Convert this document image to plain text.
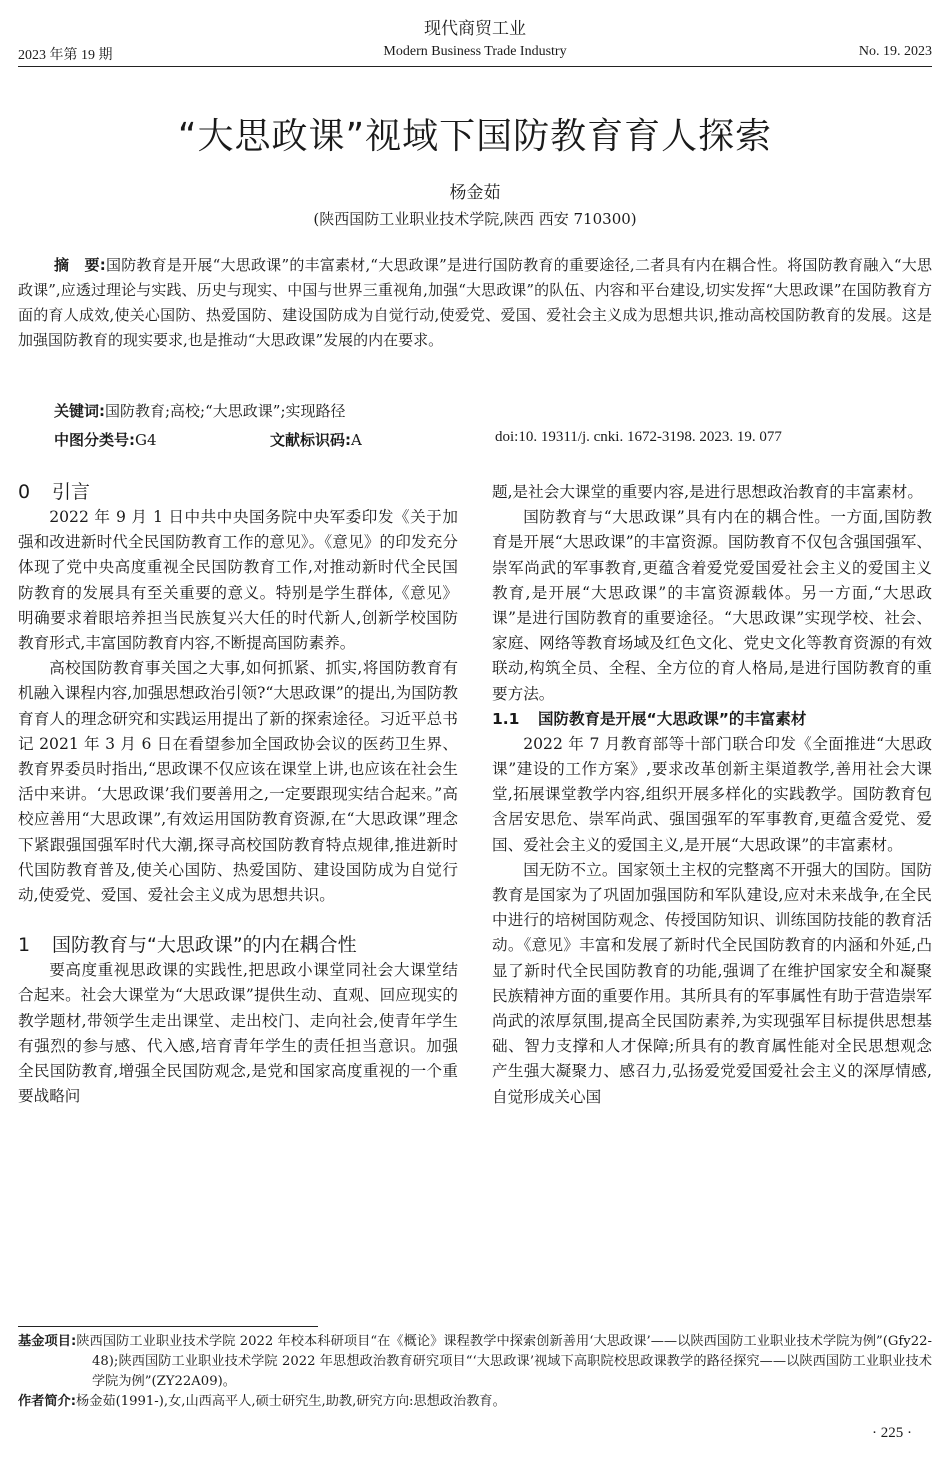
现代商贸工业
2023 年第 19 期	Modern Business Trade Industry	No. 19. 2023
“大思政课”视域下国防教育育人探索
杨金茹
(陕西国防工业职业技术学院,陕西 西安 710300)
摘　要:国防教育是开展“大思政课”的丰富素材,“大思政课”是进行国防教育的重要途径,二者具有内在耦合性。将国防教育融入“大思政课”,应透过理论与实践、历史与现实、中国与世界三重视角,加强“大思政课”的队伍、内容和平台建设,切实发挥“大思政课”在国防教育方面的育人成效,使关心国防、热爱国防、建设国防成为自觉行动,使爱党、爱国、爱社会主义成为思想共识,推动高校国防教育的发展。这是加强国防教育的现实要求,也是推动“大思政课”发展的内在要求。
关键词:国防教育;高校;“大思政课”;实现路径
中图分类号:G4	文献标识码:A	doi:10. 19311/j. cnki. 1672-3198. 2023. 19. 077
0 引言

2022 年 9 月 1 日中共中央国务院中央军委印发《关于加强和改进新时代全民国防教育工作的意见》。《意见》的印发充分体现了党中央高度重视全民国防教育工作,对推动新时代全民国防教育的发展具有至关重要的意义。特别是学生群体,《意见》明确要求着眼培养担当民族复兴大任的时代新人,创新学校国防教育形式,丰富国防教育内容,不断提高国防素养。

高校国防教育事关国之大事,如何抓紧、抓实,将国防教育有机融入课程内容,加强思想政治引领?“大思政课”的提出,为国防教育育人的理念研究和实践运用提出了新的探索途径。习近平总书记 2021 年 3 月 6 日在看望参加全国政协会议的医药卫生界、教育界委员时指出,“思政课不仅应该在课堂上讲,也应该在社会生活中来讲。‘大思政课’我们要善用之,一定要跟现实结合起来。”高校应善用“大思政课”,有效运用国防教育资源,在“大思政课”理念下紧跟强国强军时代大潮,探寻高校国防教育特点规律,推进新时代国防教育普及,使关心国防、热爱国防、建设国防成为自觉行动,使爱党、爱国、爱社会主义成为思想共识。

1 国防教育与“大思政课”的内在耦合性

要高度重视思政课的实践性,把思政小课堂同社会大课堂结合起来。社会大课堂为“大思政课”提供生动、直观、回应现实的教学题材,带领学生走出课堂、走出校门、走向社会,使青年学生有强烈的参与感、代入感,培育青年学生的责任担当意识。加强全民国防教育,增强全民国防观念,是党和国家高度重视的一个重要战略问

题,是社会大课堂的重要内容,是进行思想政治教育的丰富素材。

国防教育与“大思政课”具有内在的耦合性。一方面,国防教育是开展“大思政课”的丰富资源。国防教育不仅包含强国强军、崇军尚武的军事教育,更蕴含着爱党爱国爱社会主义的爱国主义教育,是开展“大思政课”的丰富资源载体。另一方面,“大思政课”是进行国防教育的重要途径。“大思政课”实现学校、社会、家庭、网络等教育场域及红色文化、党史文化等教育资源的有效联动,构筑全员、全程、全方位的育人格局,是进行国防教育的重要方法。

1.1 国防教育是开展“大思政课”的丰富素材

2022 年 7 月教育部等十部门联合印发《全面推进“大思政课”建设的工作方案》,要求改革创新主渠道教学,善用社会大课堂,拓展课堂教学内容,组织开展多样化的实践教学。国防教育包含居安思危、崇军尚武、强国强军的军事教育,更蕴含爱党、爱国、爱社会主义的爱国主义,是开展“大思政课”的丰富素材。

国无防不立。国家领土主权的完整离不开强大的国防。国防教育是国家为了巩固加强国防和军队建设,应对未来战争,在全民中进行的培树国防观念、传授国防知识、训练国防技能的教育活动。《意见》丰富和发展了新时代全民国防教育的内涵和外延,凸显了新时代全民国防教育的功能,强调了在维护国家安全和凝聚民族精神方面的重要作用。其所具有的军事属性有助于营造崇军尚武的浓厚氛围,提高全民国防素养,为实现强军目标提供思想基础、智力支撑和人才保障;所具有的教育属性能对全民思想观念产生强大凝聚力、感召力,弘扬爱党爱国爱社会主义的深厚情感,自觉形成关心国

基金项目:陕西国防工业职业技术学院 2022 年校本科研项目“在《概论》课程教学中探索创新善用‘大思政课’——以陕西国防工业职业技术学院为例”(Gfy22-48);陕西国防工业职业技术学院 2022 年思想政治教育研究项目“‘大思政课’视域下高职院校思政课教学的路径探究——以陕西国防工业职业技术学院为例”(ZY22A09)。
作者简介:杨金茹(1991-),女,山西高平人,硕士研究生,助教,研究方向:思想政治教育。
· 225 ·
